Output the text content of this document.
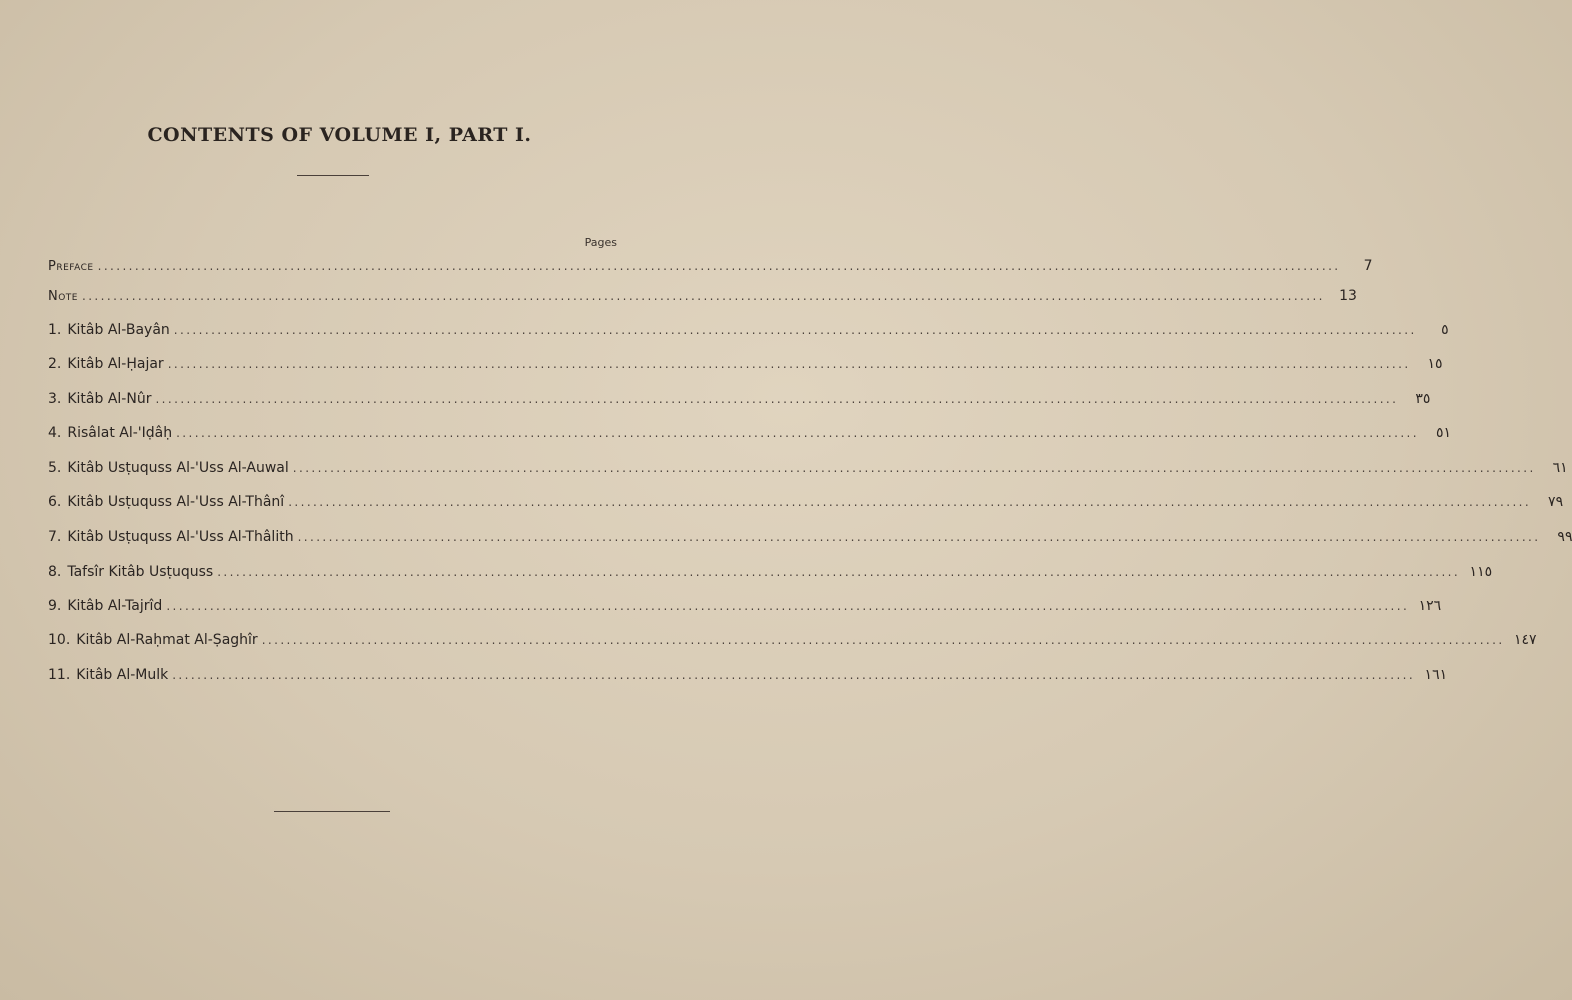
CONTENTS OF VOLUME I, PART I.
Pages
Preface ........................................................................................................................................................................................................	7
Note ........................................................................................................................................................................................................	13
1. Kitâb Al-Bayân ........................................................................................................................................................................................................	٥
2. Kitâb Al-Ḥajar ........................................................................................................................................................................................................	١٥
3. Kitâb Al-Nûr ........................................................................................................................................................................................................	٣٥
4. Risâlat Al-'Iḍâḥ ........................................................................................................................................................................................................	٥١
5. Kitâb Usṭuquss Al-'Uss Al-Auwal ........................................................................................................................................................................................................	٦١
6. Kitâb Usṭuquss Al-'Uss Al-Thânî ........................................................................................................................................................................................................	٧٩
7. Kitâb Usṭuquss Al-'Uss Al-Thâlith ........................................................................................................................................................................................................	٩٩
8. Tafsîr Kitâb Usṭuquss ........................................................................................................................................................................................................ ١١٥
9. Kitâb Al-Tajrîd ........................................................................................................................................................................................................ ١٢٦
10. Kitâb Al-Raḥmat Al-Ṣaghîr ........................................................................................................................................................................................................ ١٤٧
11. Kitâb Al-Mulk ........................................................................................................................................................................................................ ١٦١
